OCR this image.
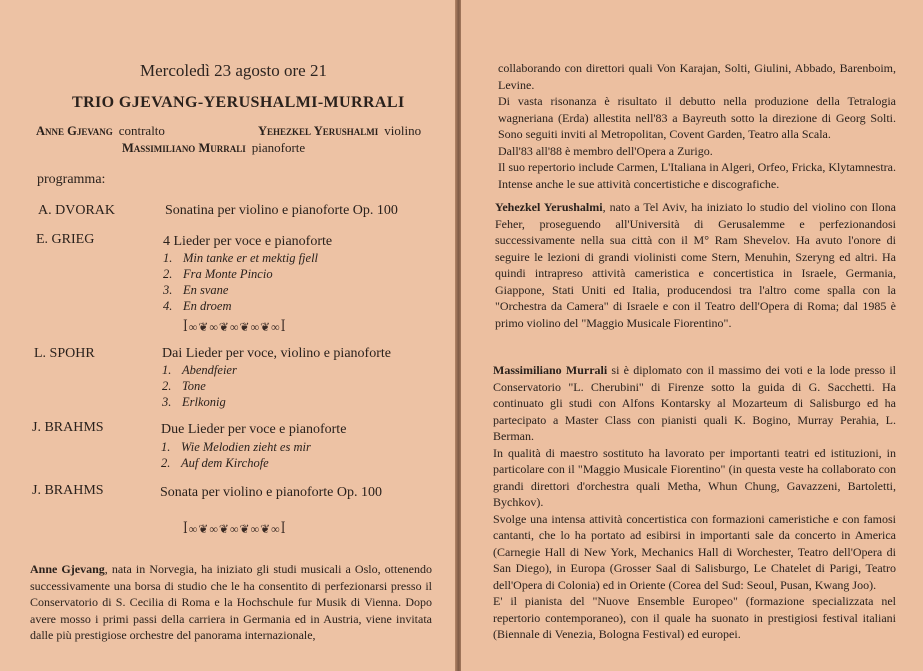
Mercoledì 23 agosto ore 21
TRIO GJEVANG-YERUSHALMI-MURRALI
Anne Gjevang contralto	Yehezkel Yerushalmi violino
Massimiliano Murrali pianoforte
programma:
A. DVORAK	Sonatina per violino e pianoforte Op. 100
E. GRIEG	4 Lieder per voce e pianoforte
1. Min tanke er et mektig fjell
2. Fra Monte Pincio
3. En svane
4. En droem
ꟾ∞❦∞❦∞❦∞❦∞ꟾ
L. SPOHR	Dai Lieder per voce, violino e pianoforte
1. Abendfeier
2. Tone
3. Erlkonig
J. BRAHMS	Due Lieder per voce e pianoforte
1. Wie Melodien zieht es mir
2. Auf dem Kirchofe
J. BRAHMS	Sonata per violino e pianoforte Op. 100
ꟾ∞❦∞❦∞❦∞❦∞ꟾ

Anne Gjevang, nata in Norvegia, ha iniziato gli studi musicali a Oslo, ottenendo successivamente una borsa di studio che le ha consentito di perfezionarsi presso il Conservatorio di S. Cecilia di Roma e la Hochschule fur Musik di Vienna. Dopo avere mosso i primi passi della carriera in Germania ed in Austria, viene invitata dalle più prestigiose orchestre del panorama internazionale,

collaborando con direttori quali Von Karajan, Solti, Giulini, Abbado, Barenboim, Levine.

Di vasta risonanza è risultato il debutto nella produzione della Tetralogia wagneriana (Erda) allestita nell'83 a Bayreuth sotto la direzione di Georg Solti. Sono seguiti inviti al Metropolitan, Covent Garden, Teatro alla Scala.

Dall'83 all'88 è membro dell'Opera a Zurigo.

Il suo repertorio include Carmen, L'Italiana in Algeri, Orfeo, Fricka, Klytamnestra. Intense anche le sue attività concertistiche e discografiche.

Yehezkel Yerushalmi, nato a Tel Aviv, ha iniziato lo studio del violino con Ilona Feher, proseguendo all'Università di Gerusalemme e perfezionandosi successivamente nella sua città con il M° Ram Shevelov. Ha avuto l'onore di seguire le lezioni di grandi violinisti come Stern, Menuhin, Szeryng ed altri. Ha quindi intrapreso attività cameristica e concertistica in Israele, Germania, Giappone, Stati Uniti ed Italia, producendosi tra l'altro come spalla con la "Orchestra da Camera" di Israele e con il Teatro dell'Opera di Roma; dal 1985 è primo violino del "Maggio Musicale Fiorentino".

Massimiliano Murrali si è diplomato con il massimo dei voti e la lode presso il Conservatorio "L. Cherubini" di Firenze sotto la guida di G. Sacchetti. Ha continuato gli studi con Alfons Kontarsky al Mozarteum di Salisburgo ed ha partecipato a Master Class con pianisti quali K. Bogino, Murray Perahia, L. Berman.

In qualità di maestro sostituto ha lavorato per importanti teatri ed istituzioni, in particolare con il "Maggio Musicale Fiorentino" (in questa veste ha collaborato con grandi direttori d'orchestra quali Metha, Whun Chung, Gavazzeni, Bartoletti, Bychkov).

Svolge una intensa attività concertistica con formazioni cameristiche e con famosi cantanti, che lo ha portato ad esibirsi in importanti sale da concerto in America (Carnegie Hall di New York, Mechanics Hall di Worchester, Teatro dell'Opera di San Diego), in Europa (Grosser Saal di Salisburgo, Le Chatelet di Parigi, Teatro dell'Opera di Colonia) ed in Oriente (Corea del Sud: Seoul, Pusan, Kwang Joo).

E' il pianista del "Nuove Ensemble Europeo" (formazione specializzata nel repertorio contemporaneo), con il quale ha suonato in prestigiosi festival italiani (Biennale di Venezia, Bologna Festival) ed europei.
